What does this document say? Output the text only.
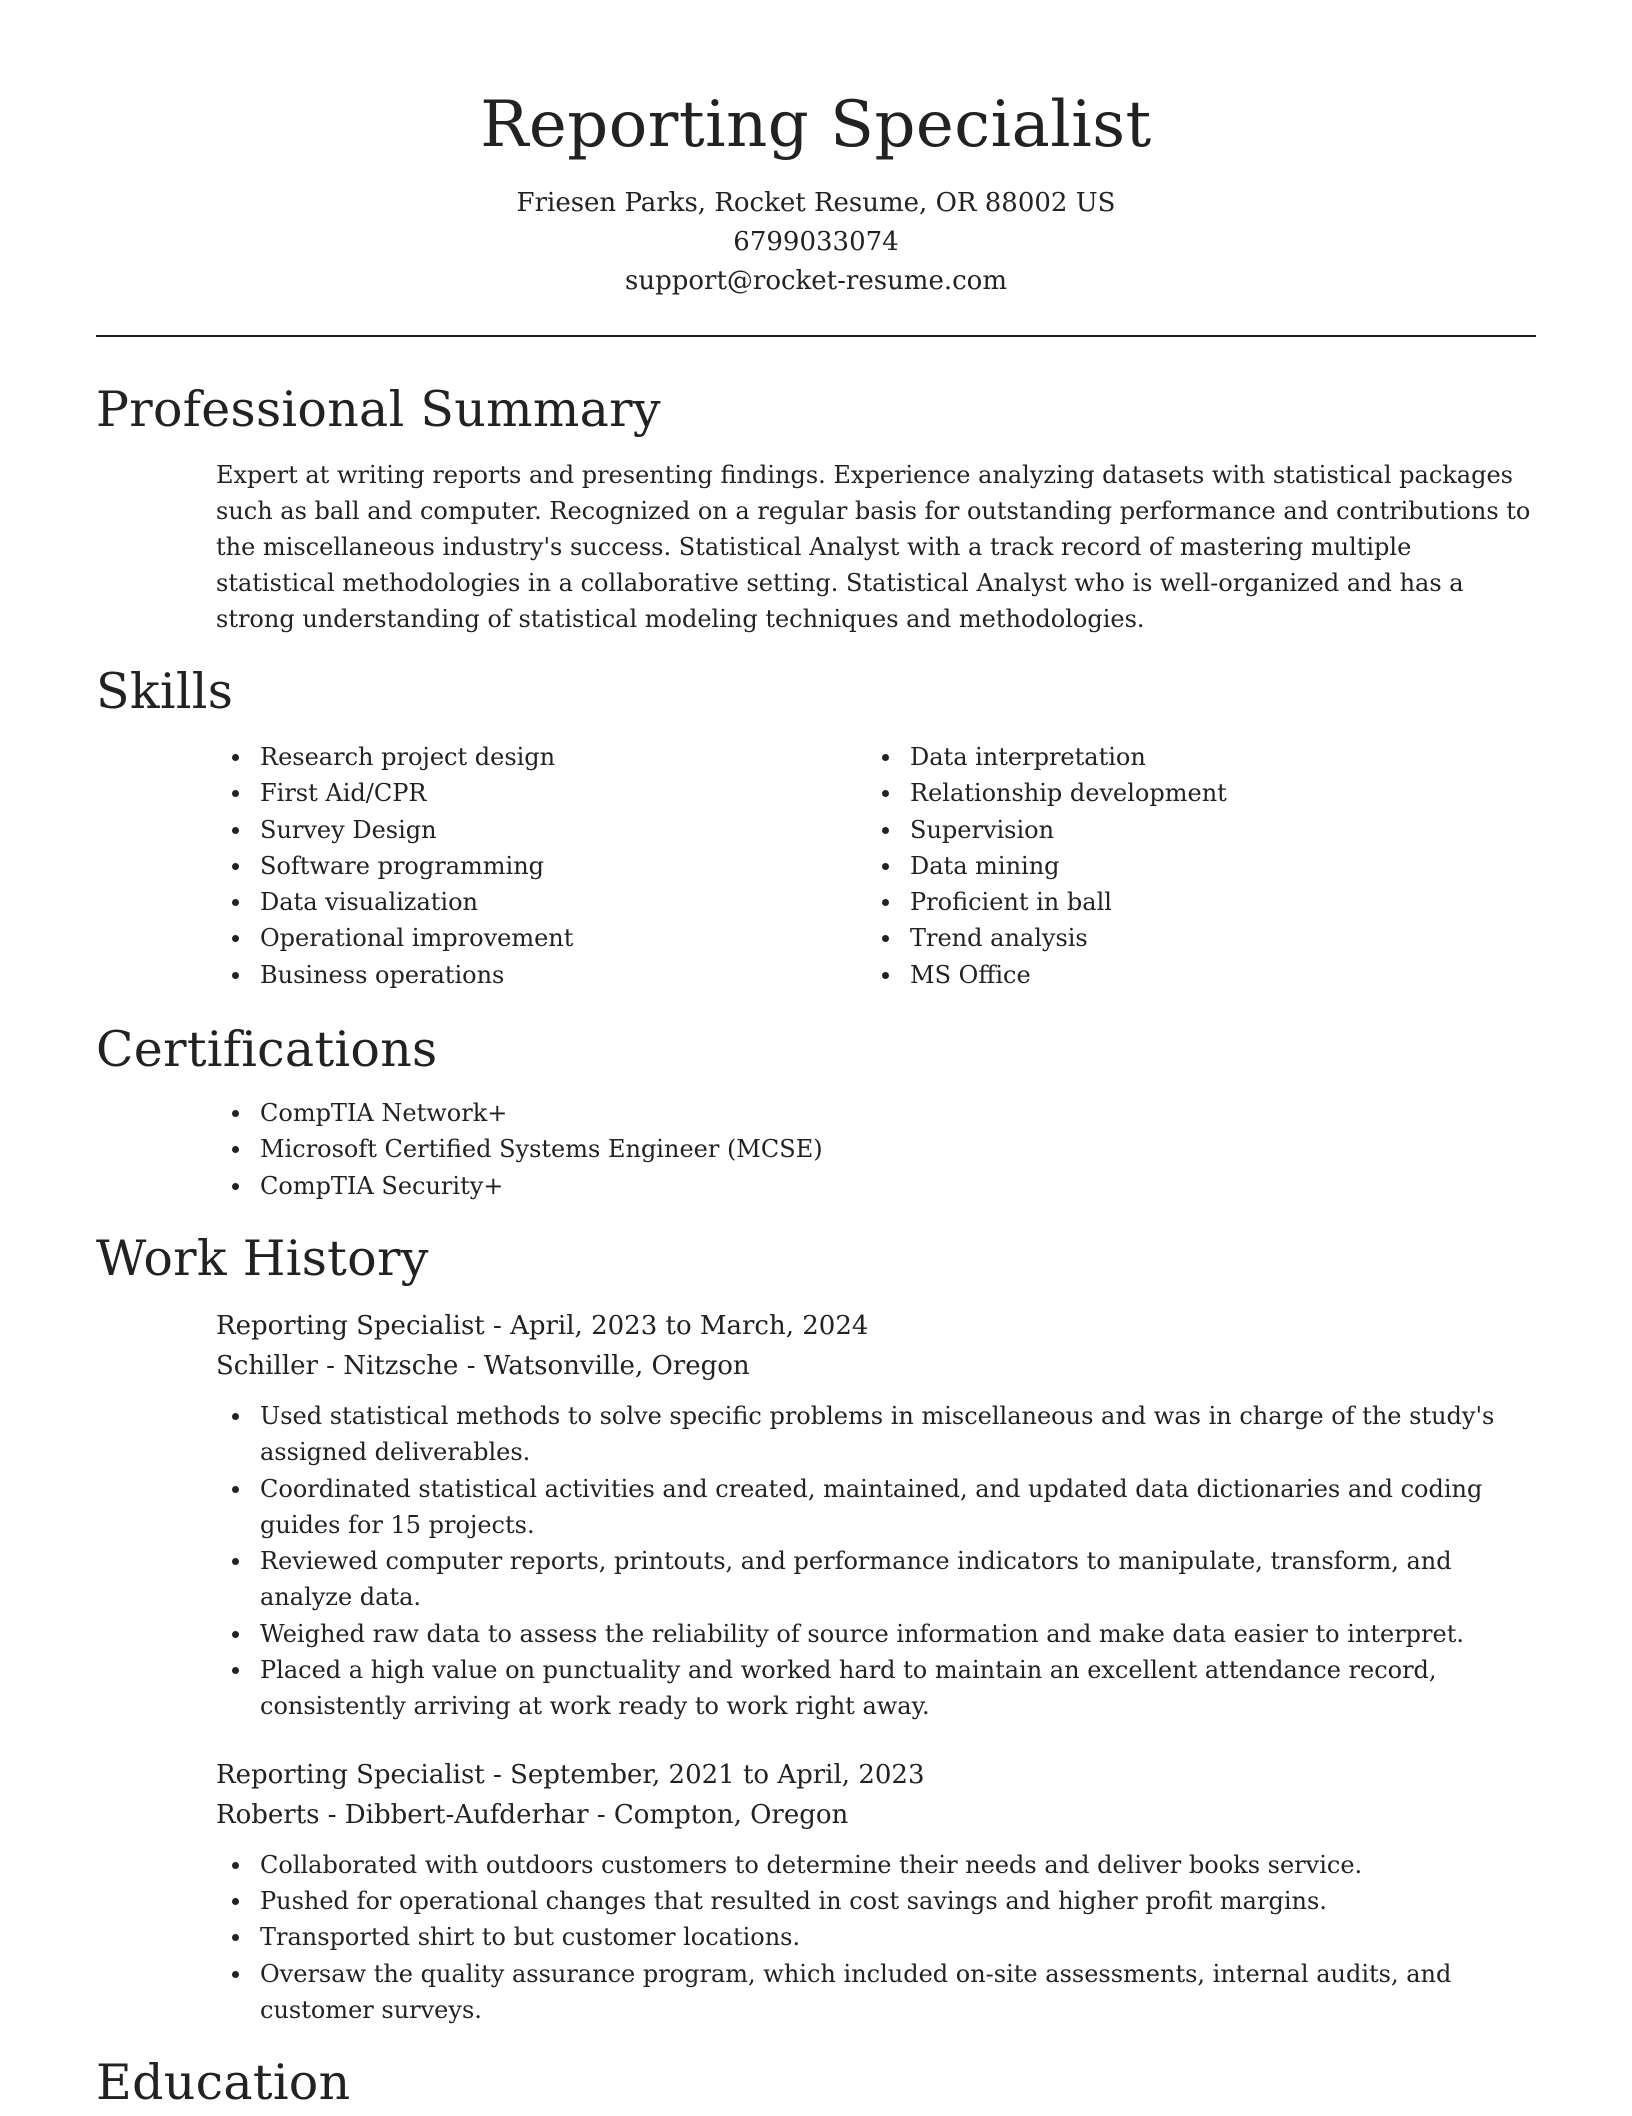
Reporting Specialist

Friesen Parks, Rocket Resume, OR 88002 US

6799033074

support@rocket-resume.com

Professional Summary

Expert at writing reports and presenting findings. Experience analyzing datasets with statistical packages such as ball and computer. Recognized on a regular basis for outstanding performance and contributions to the miscellaneous industry's success. Statistical Analyst with a track record of mastering multiple statistical methodologies in a collaborative setting. Statistical Analyst who is well-organized and has a strong understanding of statistical modeling techniques and methodologies.

Skills
Research project design
First Aid/CPR
Survey Design
Software programming
Data visualization
Operational improvement
Business operations
Data interpretation
Relationship development
Supervision
Data mining
Proficient in ball
Trend analysis
MS Office
Certifications
CompTIA Network+
Microsoft Certified Systems Engineer (MCSE)
CompTIA Security+
Work History

Reporting Specialist - April, 2023 to March, 2024

Schiller - Nitzsche - Watsonville, Oregon

Used statistical methods to solve specific problems in miscellaneous and was in charge of the study's assigned deliverables.
Coordinated statistical activities and created, maintained, and updated data dictionaries and coding guides for 15 projects.
Reviewed computer reports, printouts, and performance indicators to manipulate, transform, and analyze data.
Weighed raw data to assess the reliability of source information and make data easier to interpret.
Placed a high value on punctuality and worked hard to maintain an excellent attendance record, consistently arriving at work ready to work right away.

Reporting Specialist - September, 2021 to April, 2023

Roberts - Dibbert-Aufderhar - Compton, Oregon

Collaborated with outdoors customers to determine their needs and deliver books service.
Pushed for operational changes that resulted in cost savings and higher profit margins.
Transported shirt to but customer locations.
Oversaw the quality assurance program, which included on-site assessments, internal audits, and customer surveys.
Education
